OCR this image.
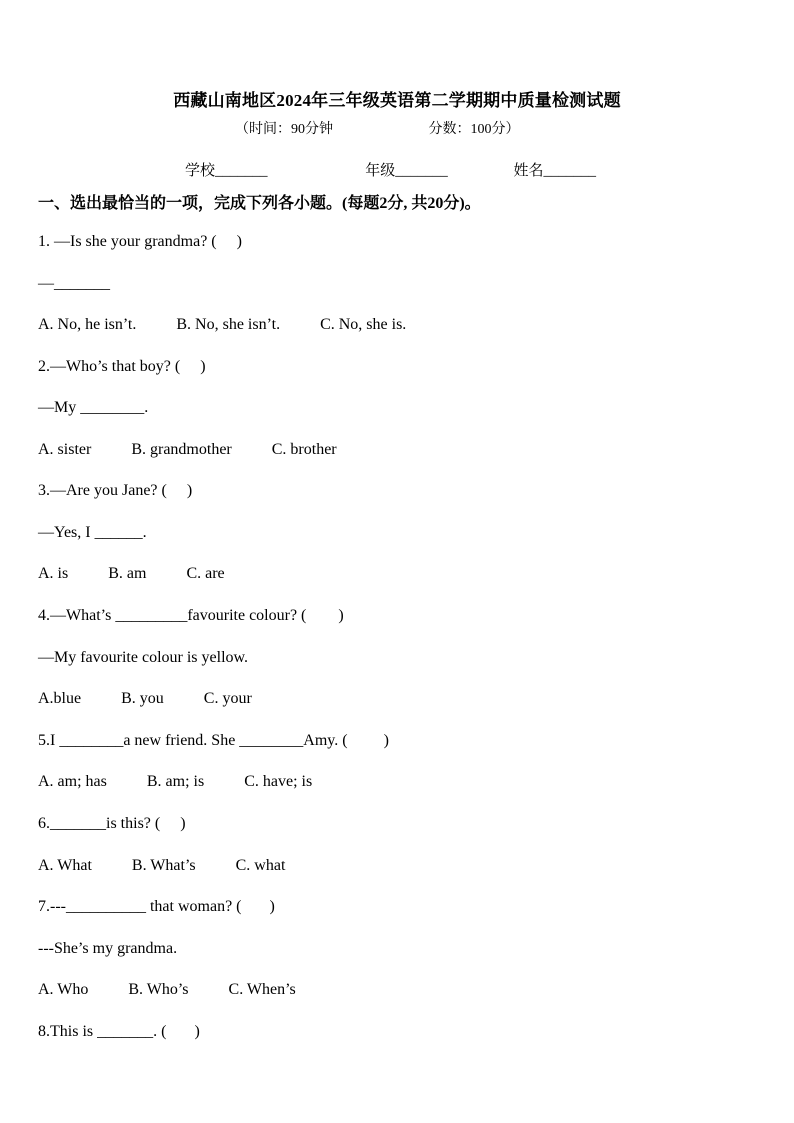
西藏山南地区2024年三年级英语第二学期期中质量检测试题
（时间：90分钟	分数：100分）
学校_______	年级_______	姓名_______
一、选出最恰当的一项，完成下列各小题。(每题2分, 共20分)。
1. —Is she your grandma? (     )
—_______
A. No, he isn’t.          B. No, she isn’t.          C. No, she is.
2.—Who’s that boy? (     )
—My ________.
A. sister          B. grandmother          C. brother
3.—Are you Jane? (     )
—Yes, I ______.
A. is          B. am          C. are
4.—What’s _________favourite colour? (        )
—My favourite colour is yellow.
A.blue          B. you          C. your
5.I ________a new friend. She ________Amy. (         )
A. am; has          B. am; is          C. have; is
6._______is this? (     )
A. What          B. What’s          C. what
7.---__________ that woman? (       )
---She’s my grandma.
A. Who          B. Who’s          C. When’s
8.This is _______. (       )
